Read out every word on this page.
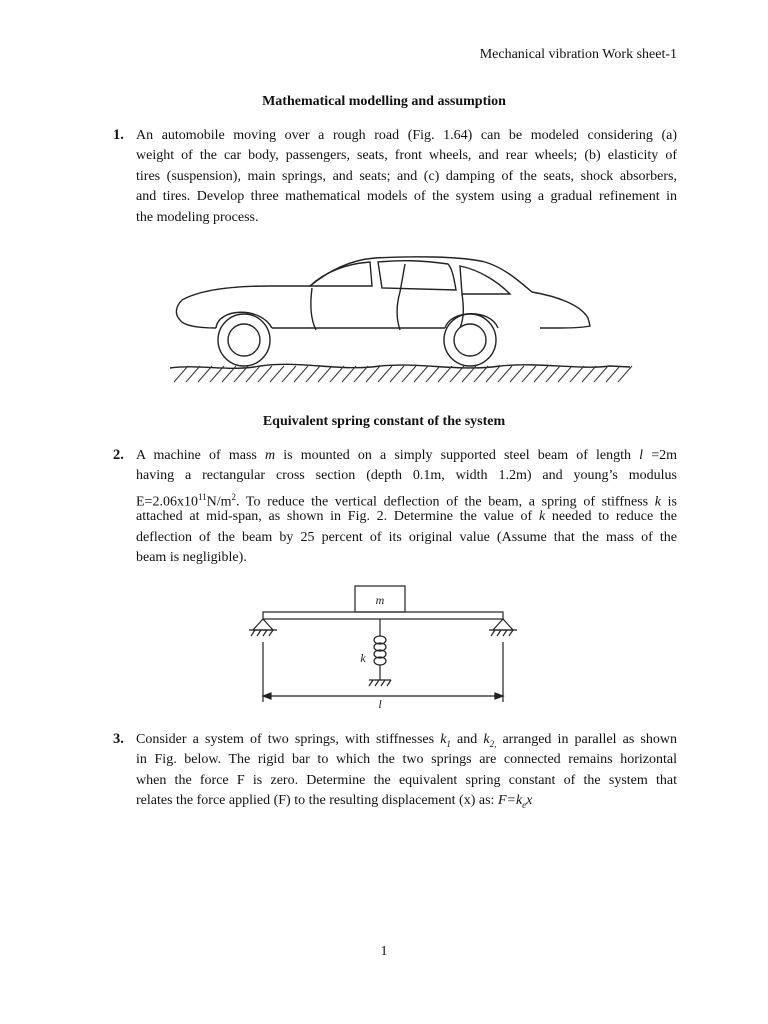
Mechanical vibration Work sheet-1
Mathematical modelling and assumption
1. An automobile moving over a rough road (Fig. 1.64) can be modeled considering (a)
weight of the car body, passengers, seats, front wheels, and rear wheels; (b) elasticity of
tires (suspension), main springs, and seats; and (c) damping of the seats, shock absorbers,
and tires. Develop three mathematical models of the system using a gradual refinement in
the modeling process.
Equivalent spring constant of the system
2. A machine of mass m is mounted on a simply supported steel beam of length l =2m
having a rectangular cross section (depth 0.1m, width 1.2m) and young’s modulus
$E=2.06x10^{11}N/m^2$. To reduce the vertical deflection of the beam, a spring of stiffness k is
attached at mid-span, as shown in Fig. 2. Determine the value of k needed to reduce the
deflection of the beam by 25 percent of its original value (Assume that the mass of the
beam is negligible).
m
k
l
3. Consider a system of two springs, with stiffnesses $k_1$ and $k_{2,}$ arranged in parallel as shown
in Fig. below. The rigid bar to which the two springs are connected remains horizontal
when the force F is zero. Determine the equivalent spring constant of the system that
relates the force applied (F) to the resulting displacement (x) as: $F=k_ex$
1
